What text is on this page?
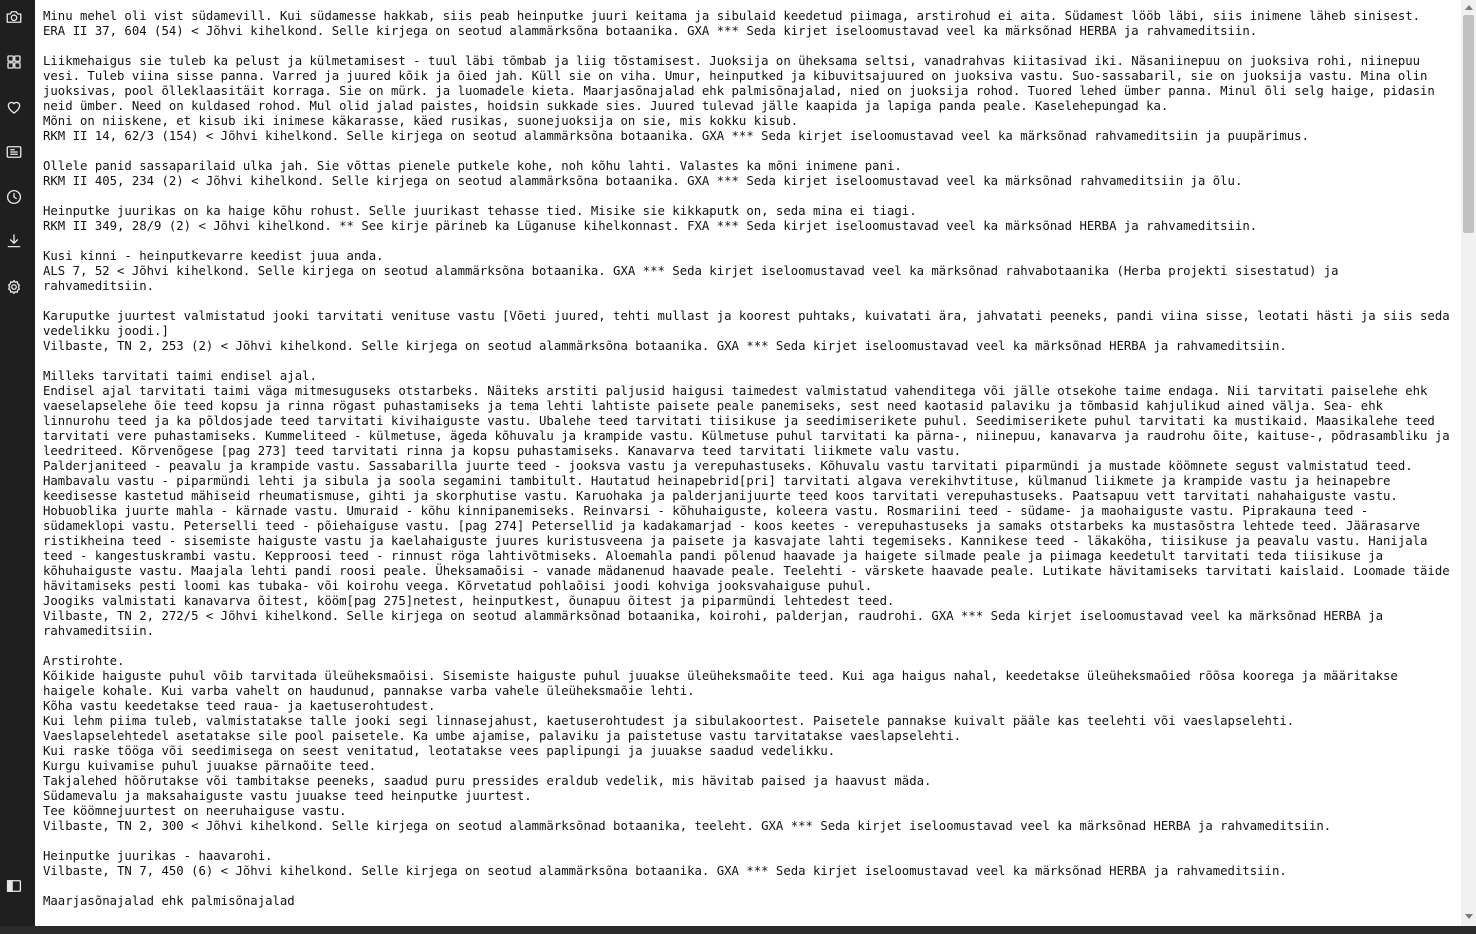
Minu mehel oli vist südamevill. Kui südamesse hakkab, siis peab heinputke juuri keitama ja sibulaid keedetud piimaga, arstirohud ei aita. Südamest lööb läbi, siis inimene läheb sinisest.
ERA II 37, 604 (54) < Jõhvi kihelkond. Selle kirjega on seotud alammärksõna botaanika. GXA *** Seda kirjet iseloomustavad veel ka märksõnad HERBA ja rahvameditsiin.

Liikmehaigus sie tuleb ka pelust ja külmetamisest - tuul läbi tõmbab ja liig tõstamisest. Juoksija on üheksama seltsi, vanadrahvas kiitasivad iki. Näsaniinepuu on juoksiva rohi, niinepuu vesi. Tuleb viina sisse panna. Varred ja juured kõik ja õied jah. Küll sie on viha. Umur, heinputked ja kibuvitsajuured on juoksiva vastu. Suo-sassabaril, sie on juoksija vastu. Mina olin juoksivas, pool õlleklaasitäit korraga. Sie on mürk. ja luomadele kieta. Maarjasõnajalad ehk palmisõnajalad, nied on juoksija rohod. Tuored lehed ümber panna. Minul õli selg haige, pidasin neid ümber. Need on kuldased rohod. Mul olid jalad paistes, hoidsin sukkade sies. Juured tulevad jälle kaapida ja lapiga panda peale. Kaselehepungad ka.
Mõni on niiskene, et kisub iki inimese käkarasse, käed rusikas, suonejuoksija on sie, mis kokku kisub.
RKM II 14, 62/3 (154) < Jõhvi kihelkond. Selle kirjega on seotud alammärksõna botaanika. GXA *** Seda kirjet iseloomustavad veel ka märksõnad rahvameditsiin ja puupärimus.

Ollele panid sassaparilaid ulka jah. Sie võttas pienele putkele kohe, noh kõhu lahti. Valastes ka mõni inimene pani.
RKM II 405, 234 (2) < Jõhvi kihelkond. Selle kirjega on seotud alammärksõna botaanika. GXA *** Seda kirjet iseloomustavad veel ka märksõnad rahvameditsiin ja õlu.

Heinputke juurikas on ka haige kõhu rohust. Selle juurikast tehasse tied. Misike sie kikkaputk on, seda mina ei tiagi.
RKM II 349, 28/9 (2) < Jõhvi kihelkond. ** See kirje pärineb ka Lüganuse kihelkonnast. FXA *** Seda kirjet iseloomustavad veel ka märksõnad HERBA ja rahvameditsiin.

Kusi kinni - heinputkevarre keedist juua anda.
ALS 7, 52 < Jõhvi kihelkond. Selle kirjega on seotud alammärksõna botaanika. GXA *** Seda kirjet iseloomustavad veel ka märksõnad rahvabotaanika (Herba projekti sisestatud) ja rahvameditsiin.

Karuputke juurtest valmistatud jooki tarvitati venituse vastu [Võeti juured, tehti mullast ja koorest puhtaks, kuivatati ära, jahvatati peeneks, pandi viina sisse, leotati hästi ja siis seda vedelikku joodi.]
Vilbaste, TN 2, 253 (2) < Jõhvi kihelkond. Selle kirjega on seotud alammärksõna botaanika. GXA *** Seda kirjet iseloomustavad veel ka märksõnad HERBA ja rahvameditsiin.

Milleks tarvitati taimi endisel ajal.
Endisel ajal tarvitati taimi väga mitmesuguseks otstarbeks. Näiteks arstiti paljusid haigusi taimedest valmistatud vahenditega või jälle otsekohe taime endaga. Nii tarvitati paiselehe ehk vaeselapselehe õie teed kopsu ja rinna rögast puhastamiseks ja tema lehti lahtiste paisete peale panemiseks, sest need kaotasid palaviku ja tõmbasid kahjulikud ained välja. Sea- ehk linnurohu teed ja ka põldosjade teed tarvitati kivihaiguste vastu. Ubalehe teed tarvitati tiisikuse ja seedimiserikete puhul. Seedimiserikete puhul tarvitati ka mustikaid. Maasikalehe teed tarvitati vere puhastamiseks. Kummeliteed - külmetuse, ägeda kõhuvalu ja krampide vastu. Külmetuse puhul tarvitati ka pärna-, niinepuu, kanavarva ja raudrohu õite, kaituse-, põdrasambliku ja leedriteed. Kõrvenõgese [pag 273] teed tarvitati rinna ja kopsu puhastamiseks. Kanavarva teed tarvitati liikmete valu vastu.
Palderjaniteed - peavalu ja krampide vastu. Sassabarilla juurte teed - jooksva vastu ja verepuhastuseks. Kõhuvalu vastu tarvitati piparmündi ja mustade köömnete segust valmistatud teed. Hambavalu vastu - piparmündi lehti ja sibula ja soola segamini tambitult. Hautatud heinapebrid[pri] tarvitati algava verekihvtituse, külmanud liikmete ja krampide vastu ja heinapebre keedisesse kastetud mähiseid rheumatismuse, gihti ja skorphutise vastu. Karuohaka ja palderjanijuurte teed koos tarvitati verepuhastuseks. Paatsapuu vett tarvitati nahahaiguste vastu. Hobuoblika juurte mahla - kärnade vastu. Umuraid - kõhu kinnipanemiseks. Reinvarsi - kõhuhaiguste, koleera vastu. Rosmariini teed - südame- ja maohaiguste vastu. Piprakauna teed - südameklopi vastu. Peterselli teed - põiehaiguse vastu. [pag 274] Petersellid ja kadakamarjad - koos keetes - verepuhastuseks ja samaks otstarbeks ka mustasõstra lehtede teed. Jäärasarve ristikheina teed - sisemiste haiguste vastu ja kaelahaiguste juures kuristusveena ja paisete ja kasvajate lahti tegemiseks. Kannikese teed - läkaköha, tiisikuse ja peavalu vastu. Hanijala teed - kangestuskrambi vastu. Kepproosi teed - rinnust röga lahtivõtmiseks. Aloemahla pandi põlenud haavade ja haigete silmade peale ja piimaga keedetult tarvitati teda tiisikuse ja kõhuhaiguste vastu. Maajala lehti pandi roosi peale. Üheksamaõisi - vanade mädanenud haavade peale. Teelehti - värskete haavade peale. Lutikate hävitamiseks tarvitati kaislaid. Loomade täide hävitamiseks pesti loomi kas tubaka- või koirohu veega. Kõrvetatud pohlaõisi joodi kohviga jooksvahaiguse puhul.
Joogiks valmistati kanavarva õitest, kööm[pag 275]netest, heinputkest, õunapuu õitest ja piparmündi lehtedest teed.
Vilbaste, TN 2, 272/5 < Jõhvi kihelkond. Selle kirjega on seotud alammärksõnad botaanika, koirohi, palderjan, raudrohi. GXA *** Seda kirjet iseloomustavad veel ka märksõnad HERBA ja rahvameditsiin.

Arstirohte.
Kõikide haiguste puhul võib tarvitada üleüheksmaõisi. Sisemiste haiguste puhul juuakse üleüheksmaõite teed. Kui aga haigus nahal, keedetakse üleüheksmaõied rõõsa koorega ja määritakse haigele kohale. Kui varba vahelt on haudunud, pannakse varba vahele üleüheksmaõie lehti.
Kõha vastu keedetakse teed raua- ja kaetuserohtudest.
Kui lehm piima tuleb, valmistatakse talle jooki segi linnasejahust, kaetuserohtudest ja sibulakoortest. Paisetele pannakse kuivalt pääle kas teelehti või vaeslapselehti.
Vaeslapselehtedel asetatakse sile pool paisetele. Ka umbe ajamise, palaviku ja paistetuse vastu tarvitatakse vaeslapselehti.
Kui raske tööga või seedimisega on seest venitatud, leotatakse vees paplipungi ja juuakse saadud vedelikku.
Kurgu kuivamise puhul juuakse pärnaõite teed.
Takjalehed hõõrutakse või tambitakse peeneks, saadud puru pressides eraldub vedelik, mis hävitab paised ja haavust mäda.
Südamevalu ja maksahaiguste vastu juuakse teed heinputke juurtest.
Tee köömnejuurtest on neeruhaiguse vastu.
Vilbaste, TN 2, 300 < Jõhvi kihelkond. Selle kirjega on seotud alammärksõnad botaanika, teeleht. GXA *** Seda kirjet iseloomustavad veel ka märksõnad HERBA ja rahvameditsiin.

Heinputke juurikas - haavarohi.
Vilbaste, TN 7, 450 (6) < Jõhvi kihelkond. Selle kirjega on seotud alammärksõna botaanika. GXA *** Seda kirjet iseloomustavad veel ka märksõnad HERBA ja rahvameditsiin.

Maarjasõnajalad ehk palmisõnajalad
